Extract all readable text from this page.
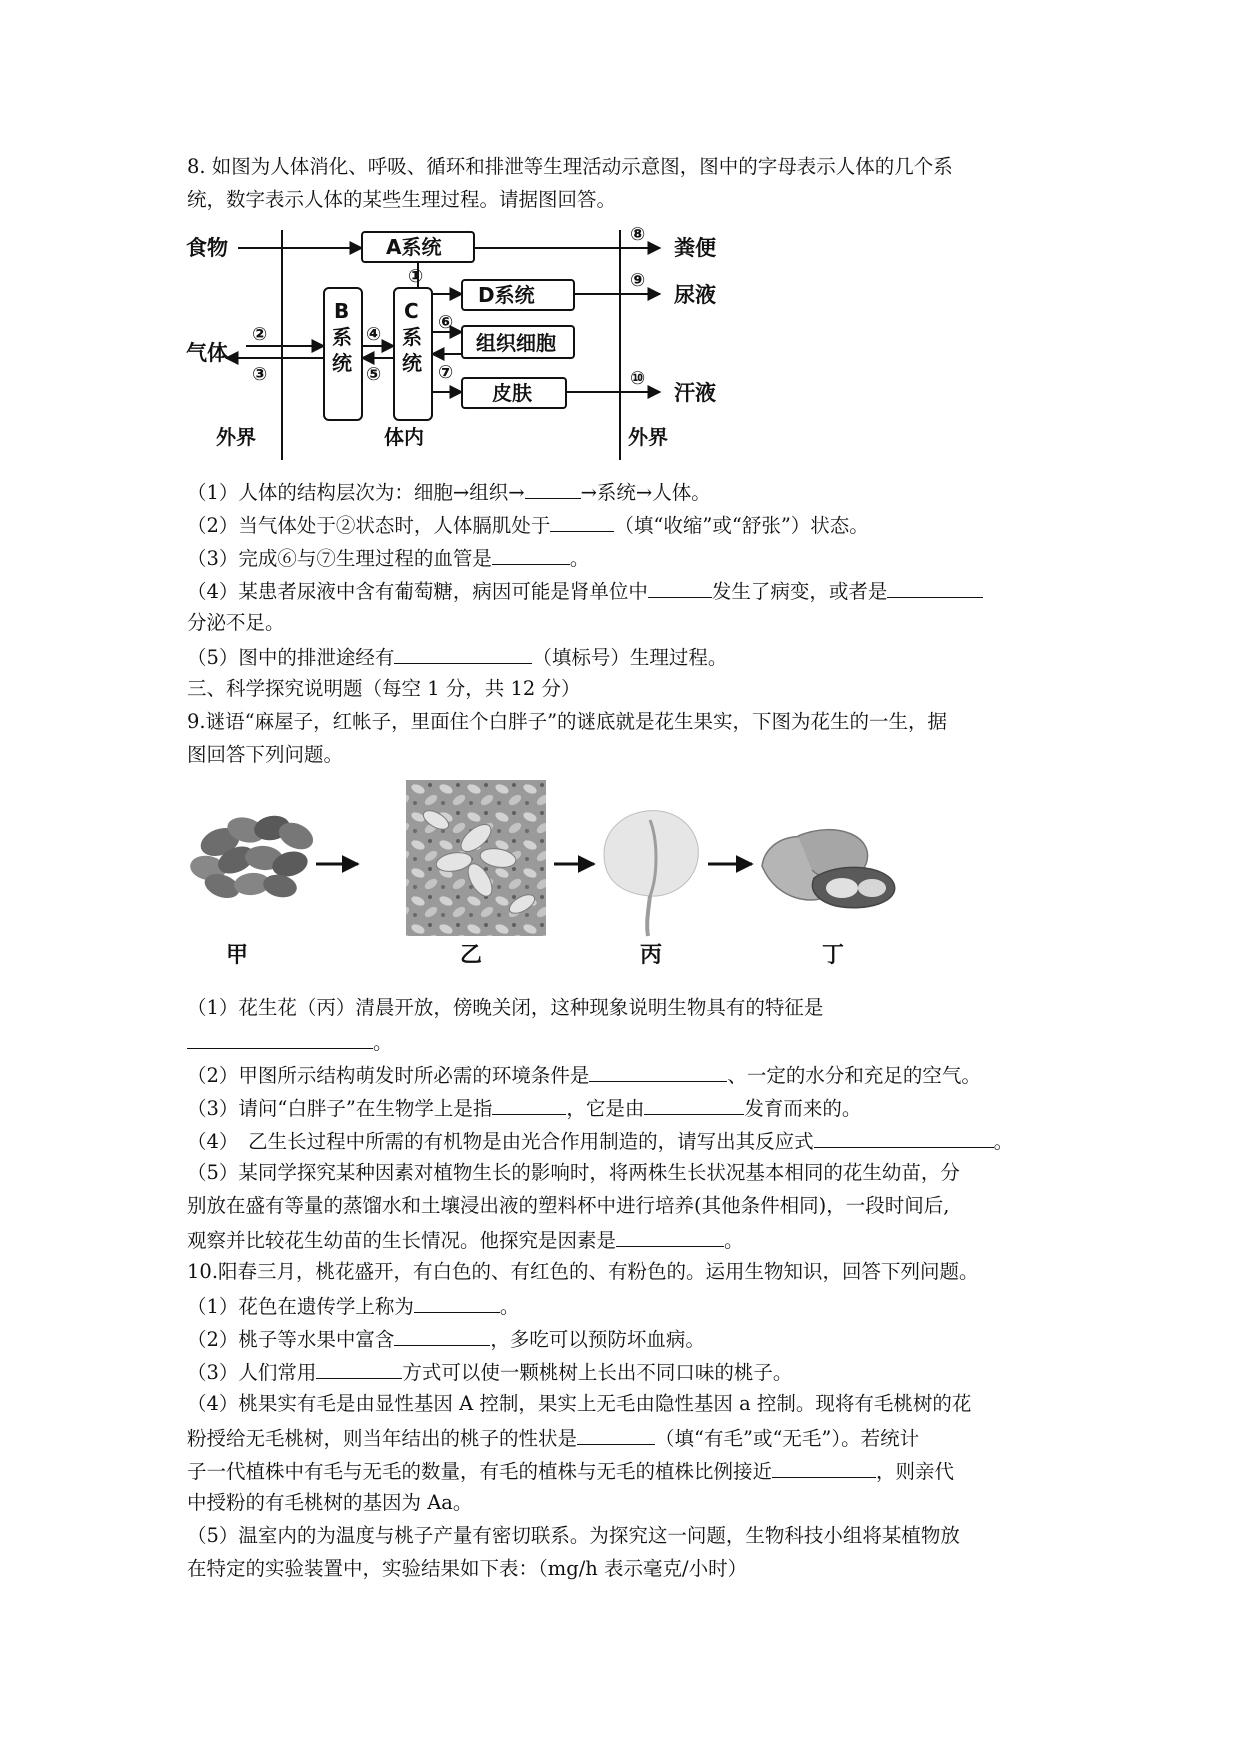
8. 如图为人体消化、呼吸、循环和排泄等生理活动示意图，图中的字母表示人体的几个系
统，数字表示人体的某些生理过程。请据图回答。
食物
气体
外界	体内	外界
A系统
B
系
统
C
系
统
D系统
组织细胞
皮肤
粪便
尿液
汗液
①
②
③
④
⑤
⑥
⑦
⑧
⑨
⑩
（1）人体的结构层次为：细胞→组织→	→系统→人体。
（2）当气体处于②状态时，人体膈肌处于	（填“收缩”或“舒张”）状态。
（3）完成⑥与⑦生理过程的血管是	。
（4）某患者尿液中含有葡萄糖，病因可能是肾单位中	发生了病变，或者是
分泌不足。
（5）图中的排泄途经有	（填标号）生理过程。
三、科学探究说明题（每空 1 分，共 12 分）
9.谜语“麻屋子，红帐子，里面住个白胖子”的谜底就是花生果实，下图为花生的一生，据
图回答下列问题。
甲	乙	丙	丁
（1）花生花（丙）清晨开放，傍晚关闭，这种现象说明生物具有的特征是
。
（2）甲图所示结构萌发时所必需的环境条件是	、一定的水分和充足的空气。
（3）请问“白胖子”在生物学上是指	，它是由	发育而来的。
（4）　乙生长过程中所需的有机物是由光合作用制造的，请写出其反应式	。
（5）某同学探究某种因素对植物生长的影响时，将两株生长状况基本相同的花生幼苗，分
别放在盛有等量的蒸馏水和土壤浸出液的塑料杯中进行培养(其他条件相同)，一段时间后,
观察并比较花生幼苗的生长情况。他探究是因素是	。
10.阳春三月，桃花盛开，有白色的、有红色的、有粉色的。运用生物知识，回答下列问题。
（1）花色在遗传学上称为	。
（2）桃子等水果中富含	，多吃可以预防坏血病。
（3）人们常用	方式可以使一颗桃树上长出不同口味的桃子。
（4）桃果实有毛是由显性基因 A 控制，果实上无毛由隐性基因 a 控制。现将有毛桃树的花
粉授给无毛桃树，则当年结出的桃子的性状是	（填“有毛”或“无毛”）。若统计
子一代植株中有毛与无毛的数量，有毛的植株与无毛的植株比例接近	，则亲代
中授粉的有毛桃树的基因为 Aa。
（5）温室内的为温度与桃子产量有密切联系。为探究这一问题，生物科技小组将某植物放
在特定的实验装置中，实验结果如下表：（mg/h 表示毫克/小时）
